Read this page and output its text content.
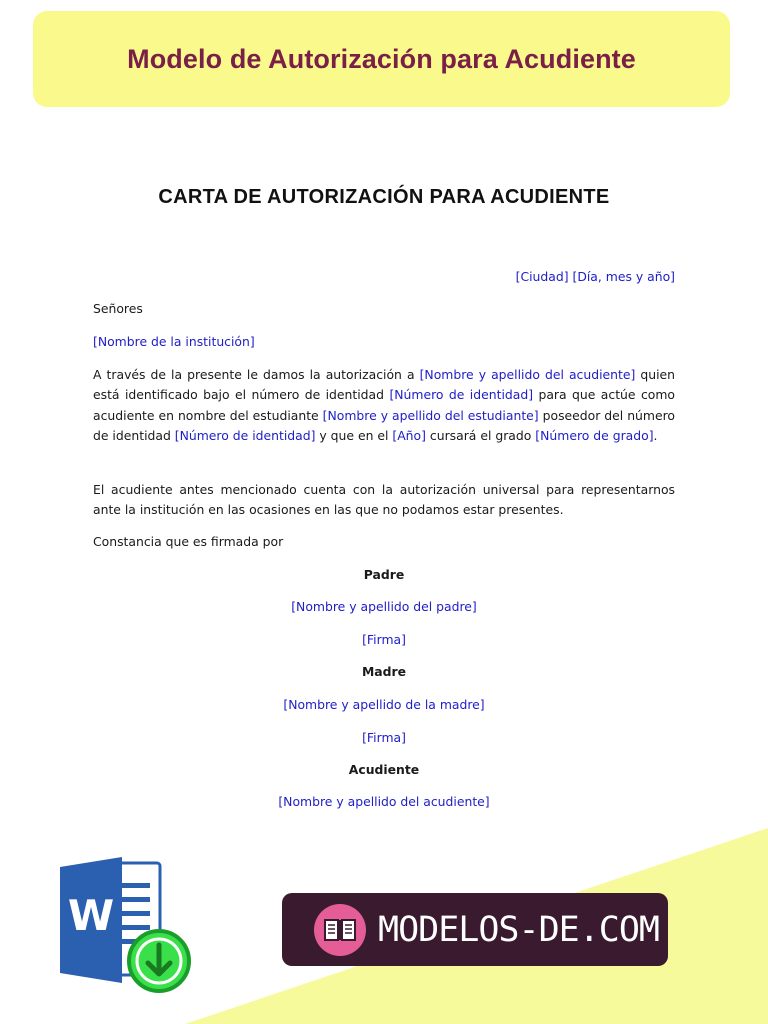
Modelo de Autorización para Acudiente
CARTA DE AUTORIZACIÓN PARA ACUDIENTE
[Ciudad] [Día, mes y año]
Señores
[Nombre de la institución]
A través de la presente le damos la autorización a [Nombre y apellido del acudiente] quien está identificado bajo el número de identidad [Número de identidad] para que actúe como acudiente en nombre del estudiante [Nombre y apellido del estudiante] poseedor del número de identidad [Número de identidad] y que en el [Año] cursará el grado [Número de grado].
El acudiente antes mencionado cuenta con la autorización universal para representarnos ante la institución en las ocasiones en las que no podamos estar presentes.
Constancia que es firmada por
Padre
[Nombre y apellido del padre]
[Firma]
Madre
[Nombre y apellido de la madre]
[Firma]
Acudiente
[Nombre y apellido del acudiente]
W	MODELOS-DE.COM
